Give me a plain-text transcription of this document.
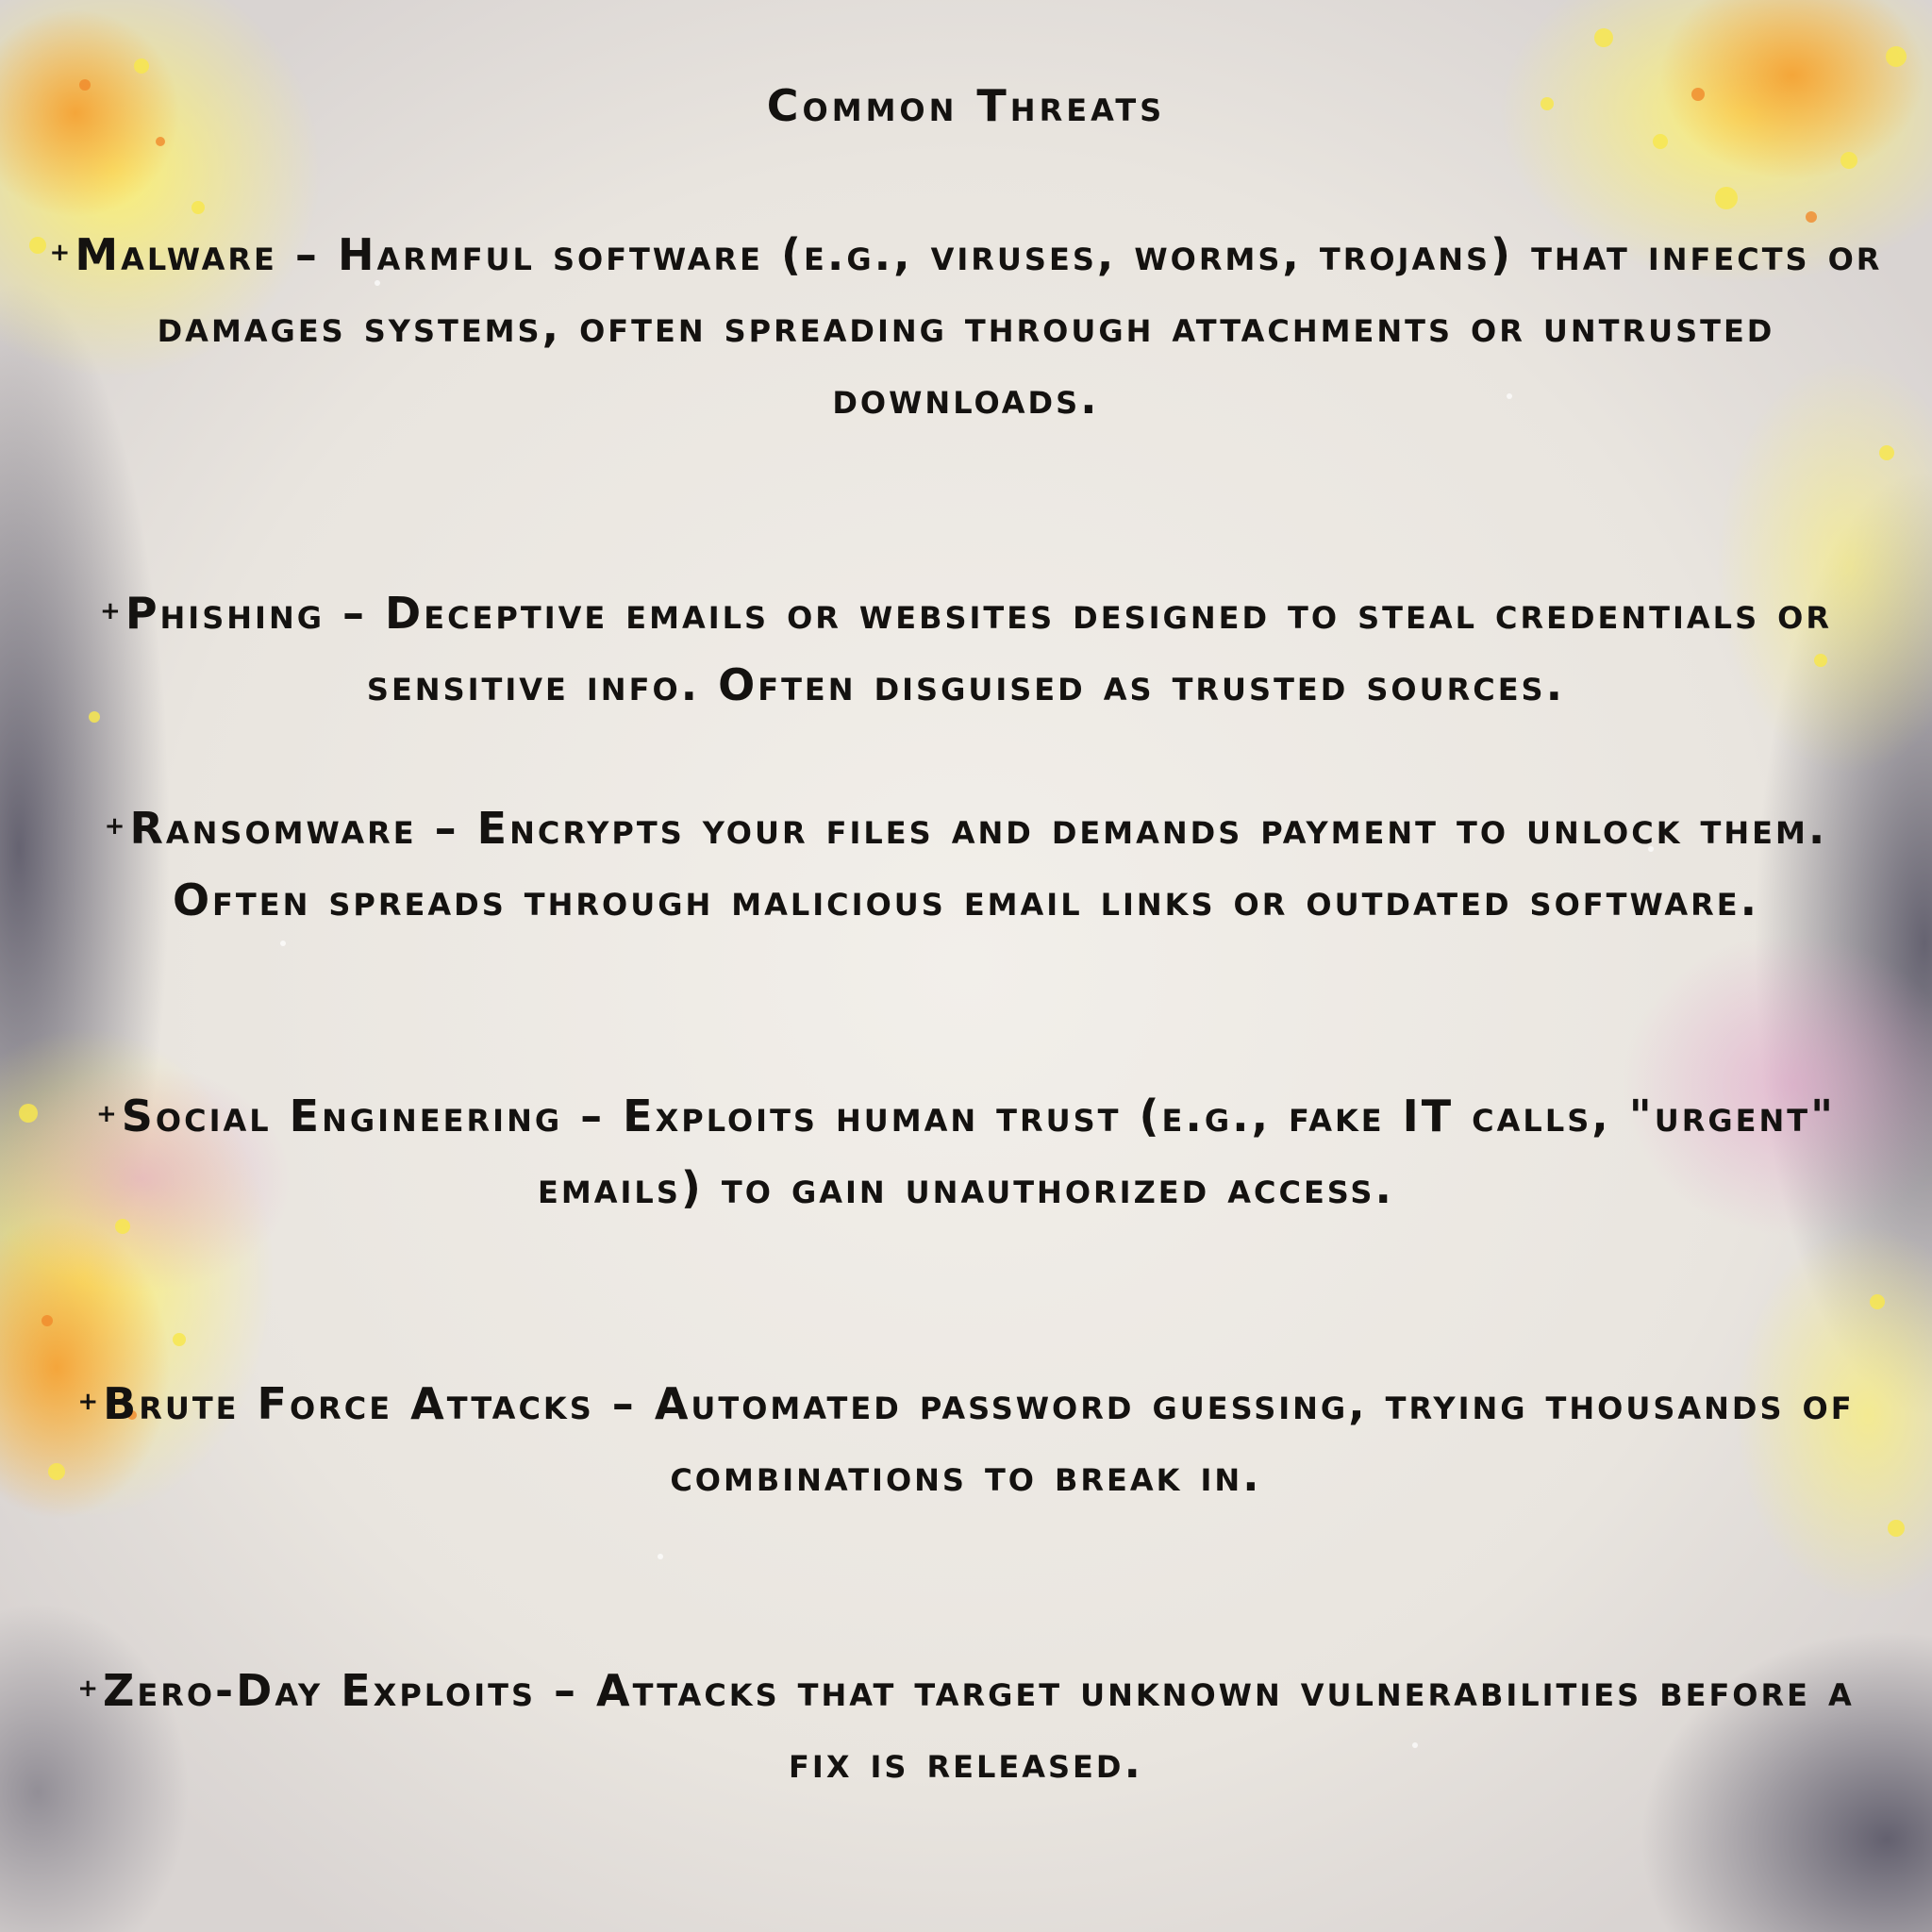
Common Threats

+Malware – Harmful software (e.g., viruses, worms, trojans) that infects or damages systems, often spreading through attachments or untrusted downloads.

+Phishing – Deceptive emails or websites designed to steal credentials or sensitive info. Often disguised as trusted sources.

+Ransomware – Encrypts your files and demands payment to unlock them. Often spreads through malicious email links or outdated software.

+Social Engineering – Exploits human trust (e.g., fake IT calls, "urgent" emails) to gain unauthorized access.

+Brute Force Attacks – Automated password guessing, trying thousands of combinations to break in.

+Zero-Day Exploits – Attacks that target unknown vulnerabilities before a fix is released.
